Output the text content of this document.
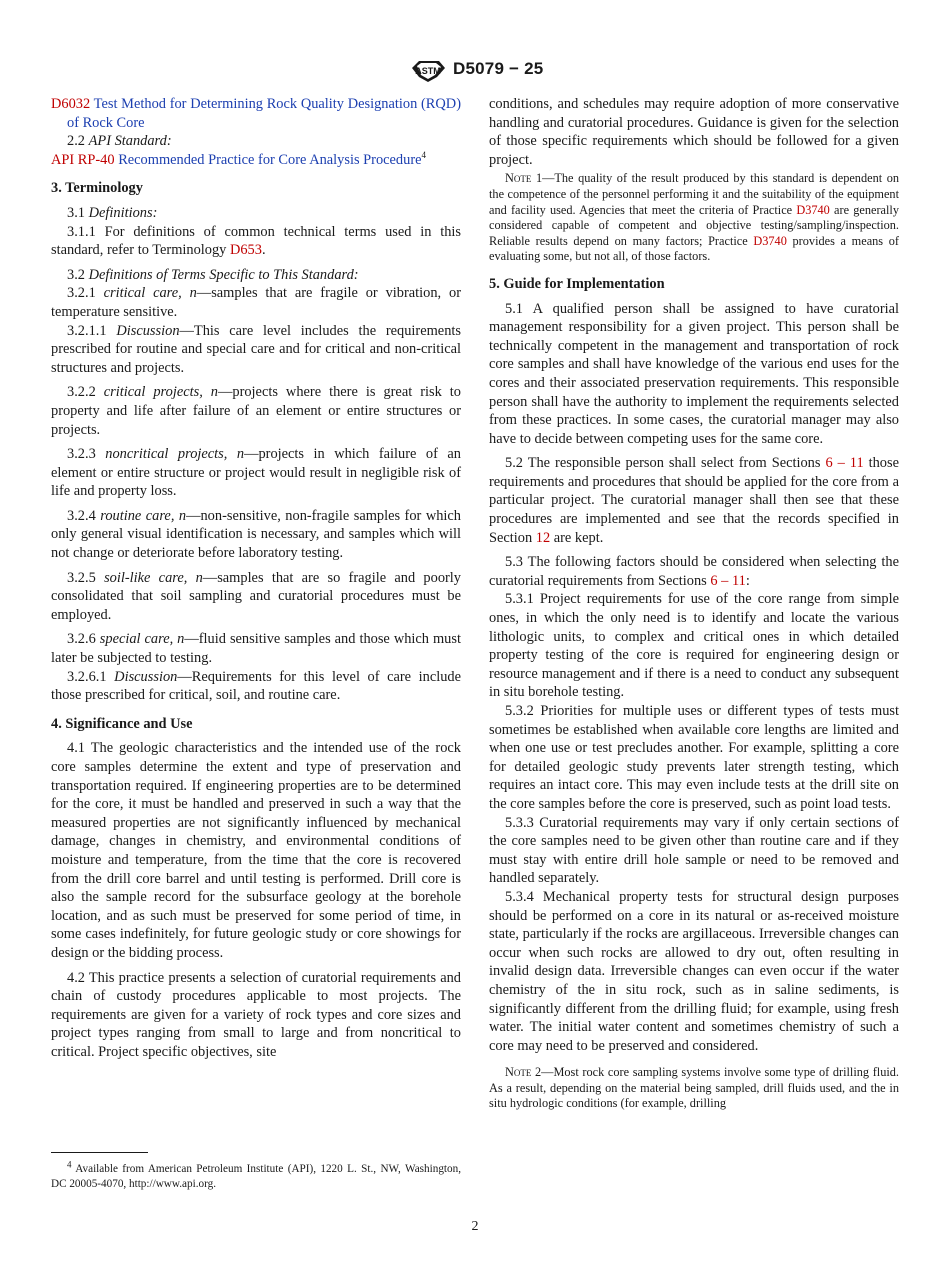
ASTM D5079 − 25

D6032 Test Method for Determining Rock Quality Designation (RQD) of Rock Core

2.2 API Standard:

API RP-40 Recommended Practice for Core Analysis Procedure$^4$

3. Terminology

3.1 Definitions:

3.1.1 For definitions of common technical terms used in this standard, refer to Terminology D653.

3.2 Definitions of Terms Specific to This Standard:

3.2.1 critical care, n—samples that are fragile or vibration, or temperature sensitive.

3.2.1.1 Discussion—This care level includes the requirements prescribed for routine and special care and for critical and non-critical structures and projects.

3.2.2 critical projects, n—projects where there is great risk to property and life after failure of an element or entire structures or projects.

3.2.3 noncritical projects, n—projects in which failure of an element or entire structure or project would result in negligible risk of life and property loss.

3.2.4 routine care, n—non-sensitive, non-fragile samples for which only general visual identification is necessary, and samples which will not change or deteriorate before laboratory testing.

3.2.5 soil-like care, n—samples that are so fragile and poorly consolidated that soil sampling and curatorial procedures must be employed.

3.2.6 special care, n—fluid sensitive samples and those which must later be subjected to testing.

3.2.6.1 Discussion—Requirements for this level of care include those prescribed for critical, soil, and routine care.

4. Significance and Use

4.1 The geologic characteristics and the intended use of the rock core samples determine the extent and type of preservation and transportation required. If engineering properties are to be determined for the core, it must be handled and preserved in such a way that the measured properties are not significantly influenced by mechanical damage, changes in chemistry, and environmental conditions of moisture and temperature, from the time that the core is recovered from the drill core barrel and until testing is performed. Drill core is also the sample record for the subsurface geology at the borehole location, and as such must be preserved for some period of time, in some cases indefinitely, for future geologic study or core showings for design or the bidding process.

4.2 This practice presents a selection of curatorial requirements and chain of custody procedures applicable to most projects. The requirements are given for a variety of rock types and core sizes and project types ranging from small to large and from noncritical to critical. Project specific objectives, site

conditions, and schedules may require adoption of more conservative handling and curatorial procedures. Guidance is given for the selection of those specific requirements which should be followed for a given project.

Note 1—The quality of the result produced by this standard is dependent on the competence of the personnel performing it and the suitability of the equipment and facility used. Agencies that meet the criteria of Practice D3740 are generally considered capable of competent and objective testing/sampling/inspection. Reliable results depend on many factors; Practice D3740 provides a means of evaluating some, but not all, of those factors.

5. Guide for Implementation

5.1 A qualified person shall be assigned to have curatorial management responsibility for a given project. This person shall be technically competent in the management and transportation of rock core samples and shall have knowledge of the various end uses for the cores and their associated preservation requirements. This responsible person shall have the authority to implement the requirements selected from these practices. In some cases, the curatorial manager may also have to decide between competing uses for the same core.

5.2 The responsible person shall select from Sections 6 – 11 those requirements and procedures that should be applied for the core from a particular project. The curatorial manager shall then see that these procedures are implemented and see that the records specified in Section 12 are kept.

5.3 The following factors should be considered when selecting the curatorial requirements from Sections 6 – 11:

5.3.1 Project requirements for use of the core range from simple ones, in which the only need is to identify and locate the various lithologic units, to complex and critical ones in which detailed property testing of the core is required for engineering design or resource management and if there is a need to conduct any subsequent in situ borehole testing.

5.3.2 Priorities for multiple uses or different types of tests must sometimes be established when available core lengths are limited and when one use or test precludes another. For example, splitting a core for detailed geologic study prevents later strength testing, which requires an intact core. This may even include tests at the drill site on the core samples before the core is preserved, such as point load tests.

5.3.3 Curatorial requirements may vary if only certain sections of the core samples need to be given other than routine care and if they must stay with entire drill hole sample or need to be removed and handled separately.

5.3.4 Mechanical property tests for structural design purposes should be performed on a core in its natural or as-received moisture state, particularly if the rocks are argillaceous. Irreversible changes can occur when such rocks are allowed to dry out, often resulting in invalid design data. Irreversible changes can even occur if the water chemistry of the in situ rock, such as in saline sediments, is significantly different from the drilling fluid; for example, using fresh water. The initial water content and sometimes chemistry of such a core may need to be preserved and considered.

Note 2—Most rock core sampling systems involve some type of drilling fluid. As a result, depending on the material being sampled, drill fluids used, and the in situ hydrologic conditions (for example, drilling

$^4$ Available from American Petroleum Institute (API), 1220 L. St., NW, Washington, DC 20005-4070, http://www.api.org.

2
